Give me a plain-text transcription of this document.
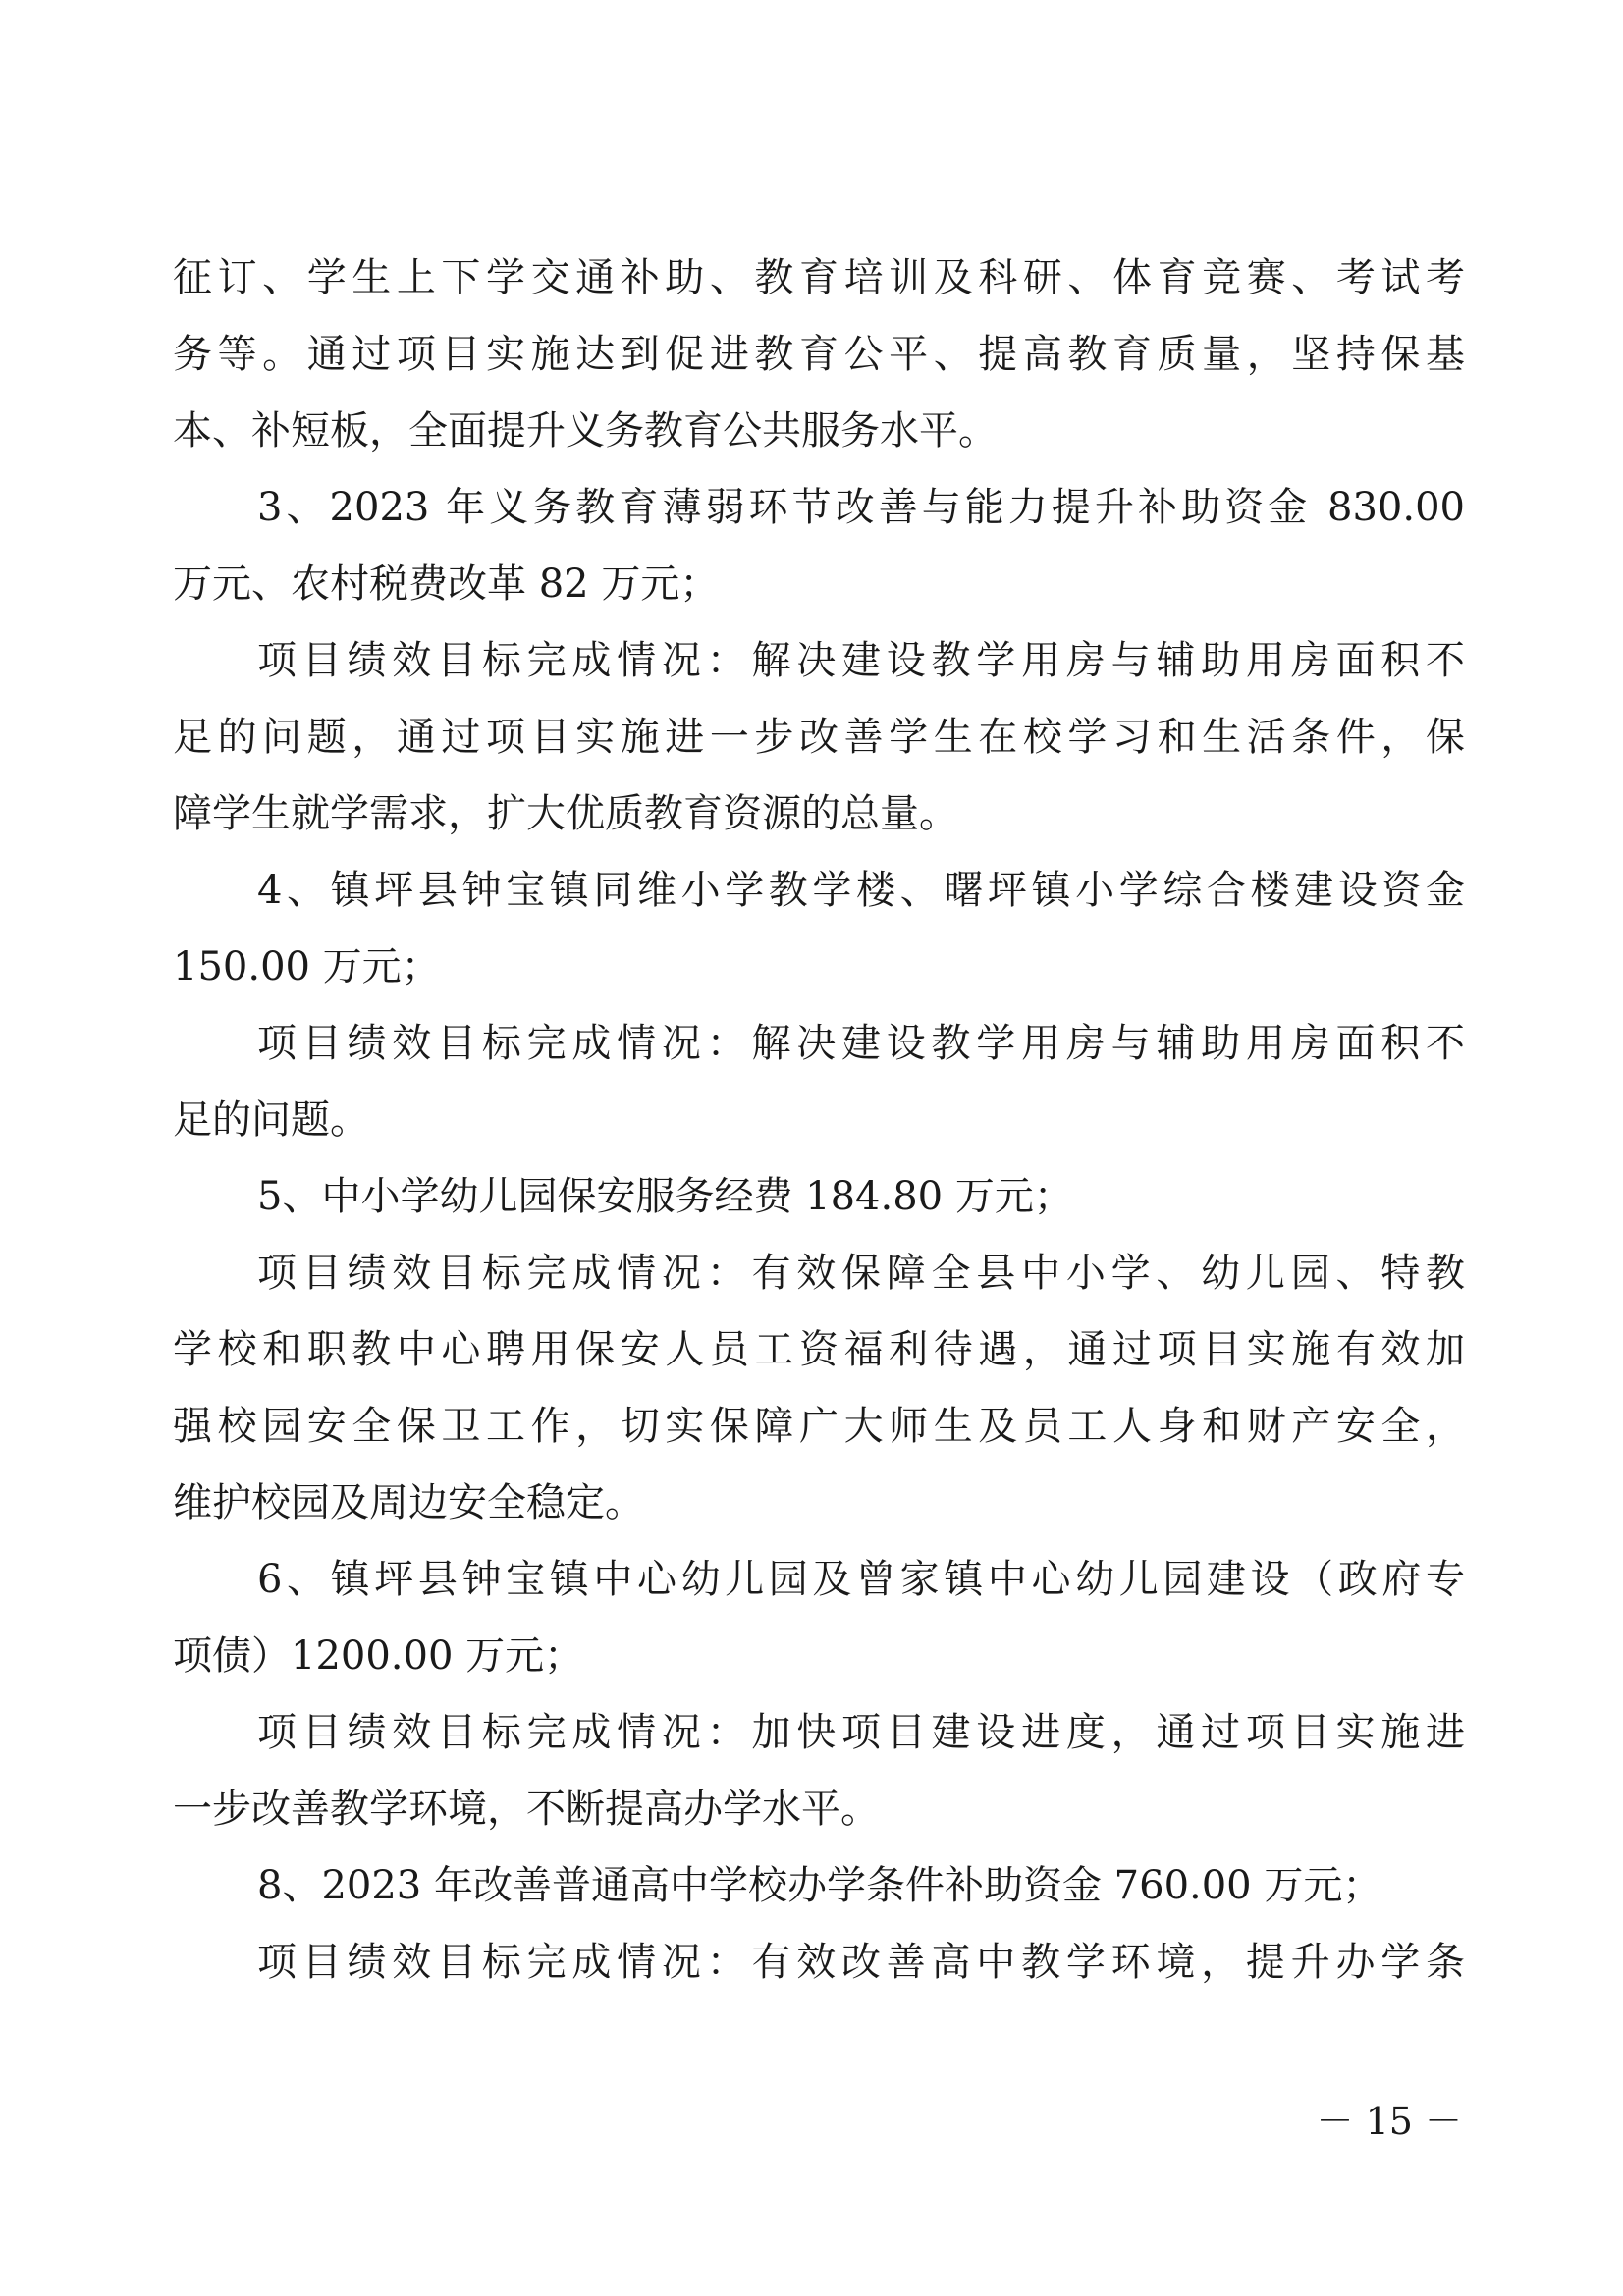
征订、学生上下学交通补助、教育培训及科研、体育竞赛、考试考
务等。通过项目实施达到促进教育公平、提高教育质量，坚持保基
本、补短板，全面提升义务教育公共服务水平。
3、2023 年义务教育薄弱环节改善与能力提升补助资金 830.00
万元、农村税费改革 82 万元；
项目绩效目标完成情况：解决建设教学用房与辅助用房面积不
足的问题，通过项目实施进一步改善学生在校学习和生活条件，保
障学生就学需求，扩大优质教育资源的总量。
4、镇坪县钟宝镇同维小学教学楼、曙坪镇小学综合楼建设资金
150.00 万元；
项目绩效目标完成情况：解决建设教学用房与辅助用房面积不
足的问题。
5、中小学幼儿园保安服务经费 184.80 万元；
项目绩效目标完成情况：有效保障全县中小学、幼儿园、特教
学校和职教中心聘用保安人员工资福利待遇，通过项目实施有效加
强校园安全保卫工作，切实保障广大师生及员工人身和财产安全，
维护校园及周边安全稳定。
6、镇坪县钟宝镇中心幼儿园及曾家镇中心幼儿园建设（政府专
项债）1200.00 万元；
项目绩效目标完成情况：加快项目建设进度，通过项目实施进
一步改善教学环境，不断提高办学水平。
8、2023 年改善普通高中学校办学条件补助资金 760.00 万元；
项目绩效目标完成情况：有效改善高中教学环境，提升办学条
－ 15 －
